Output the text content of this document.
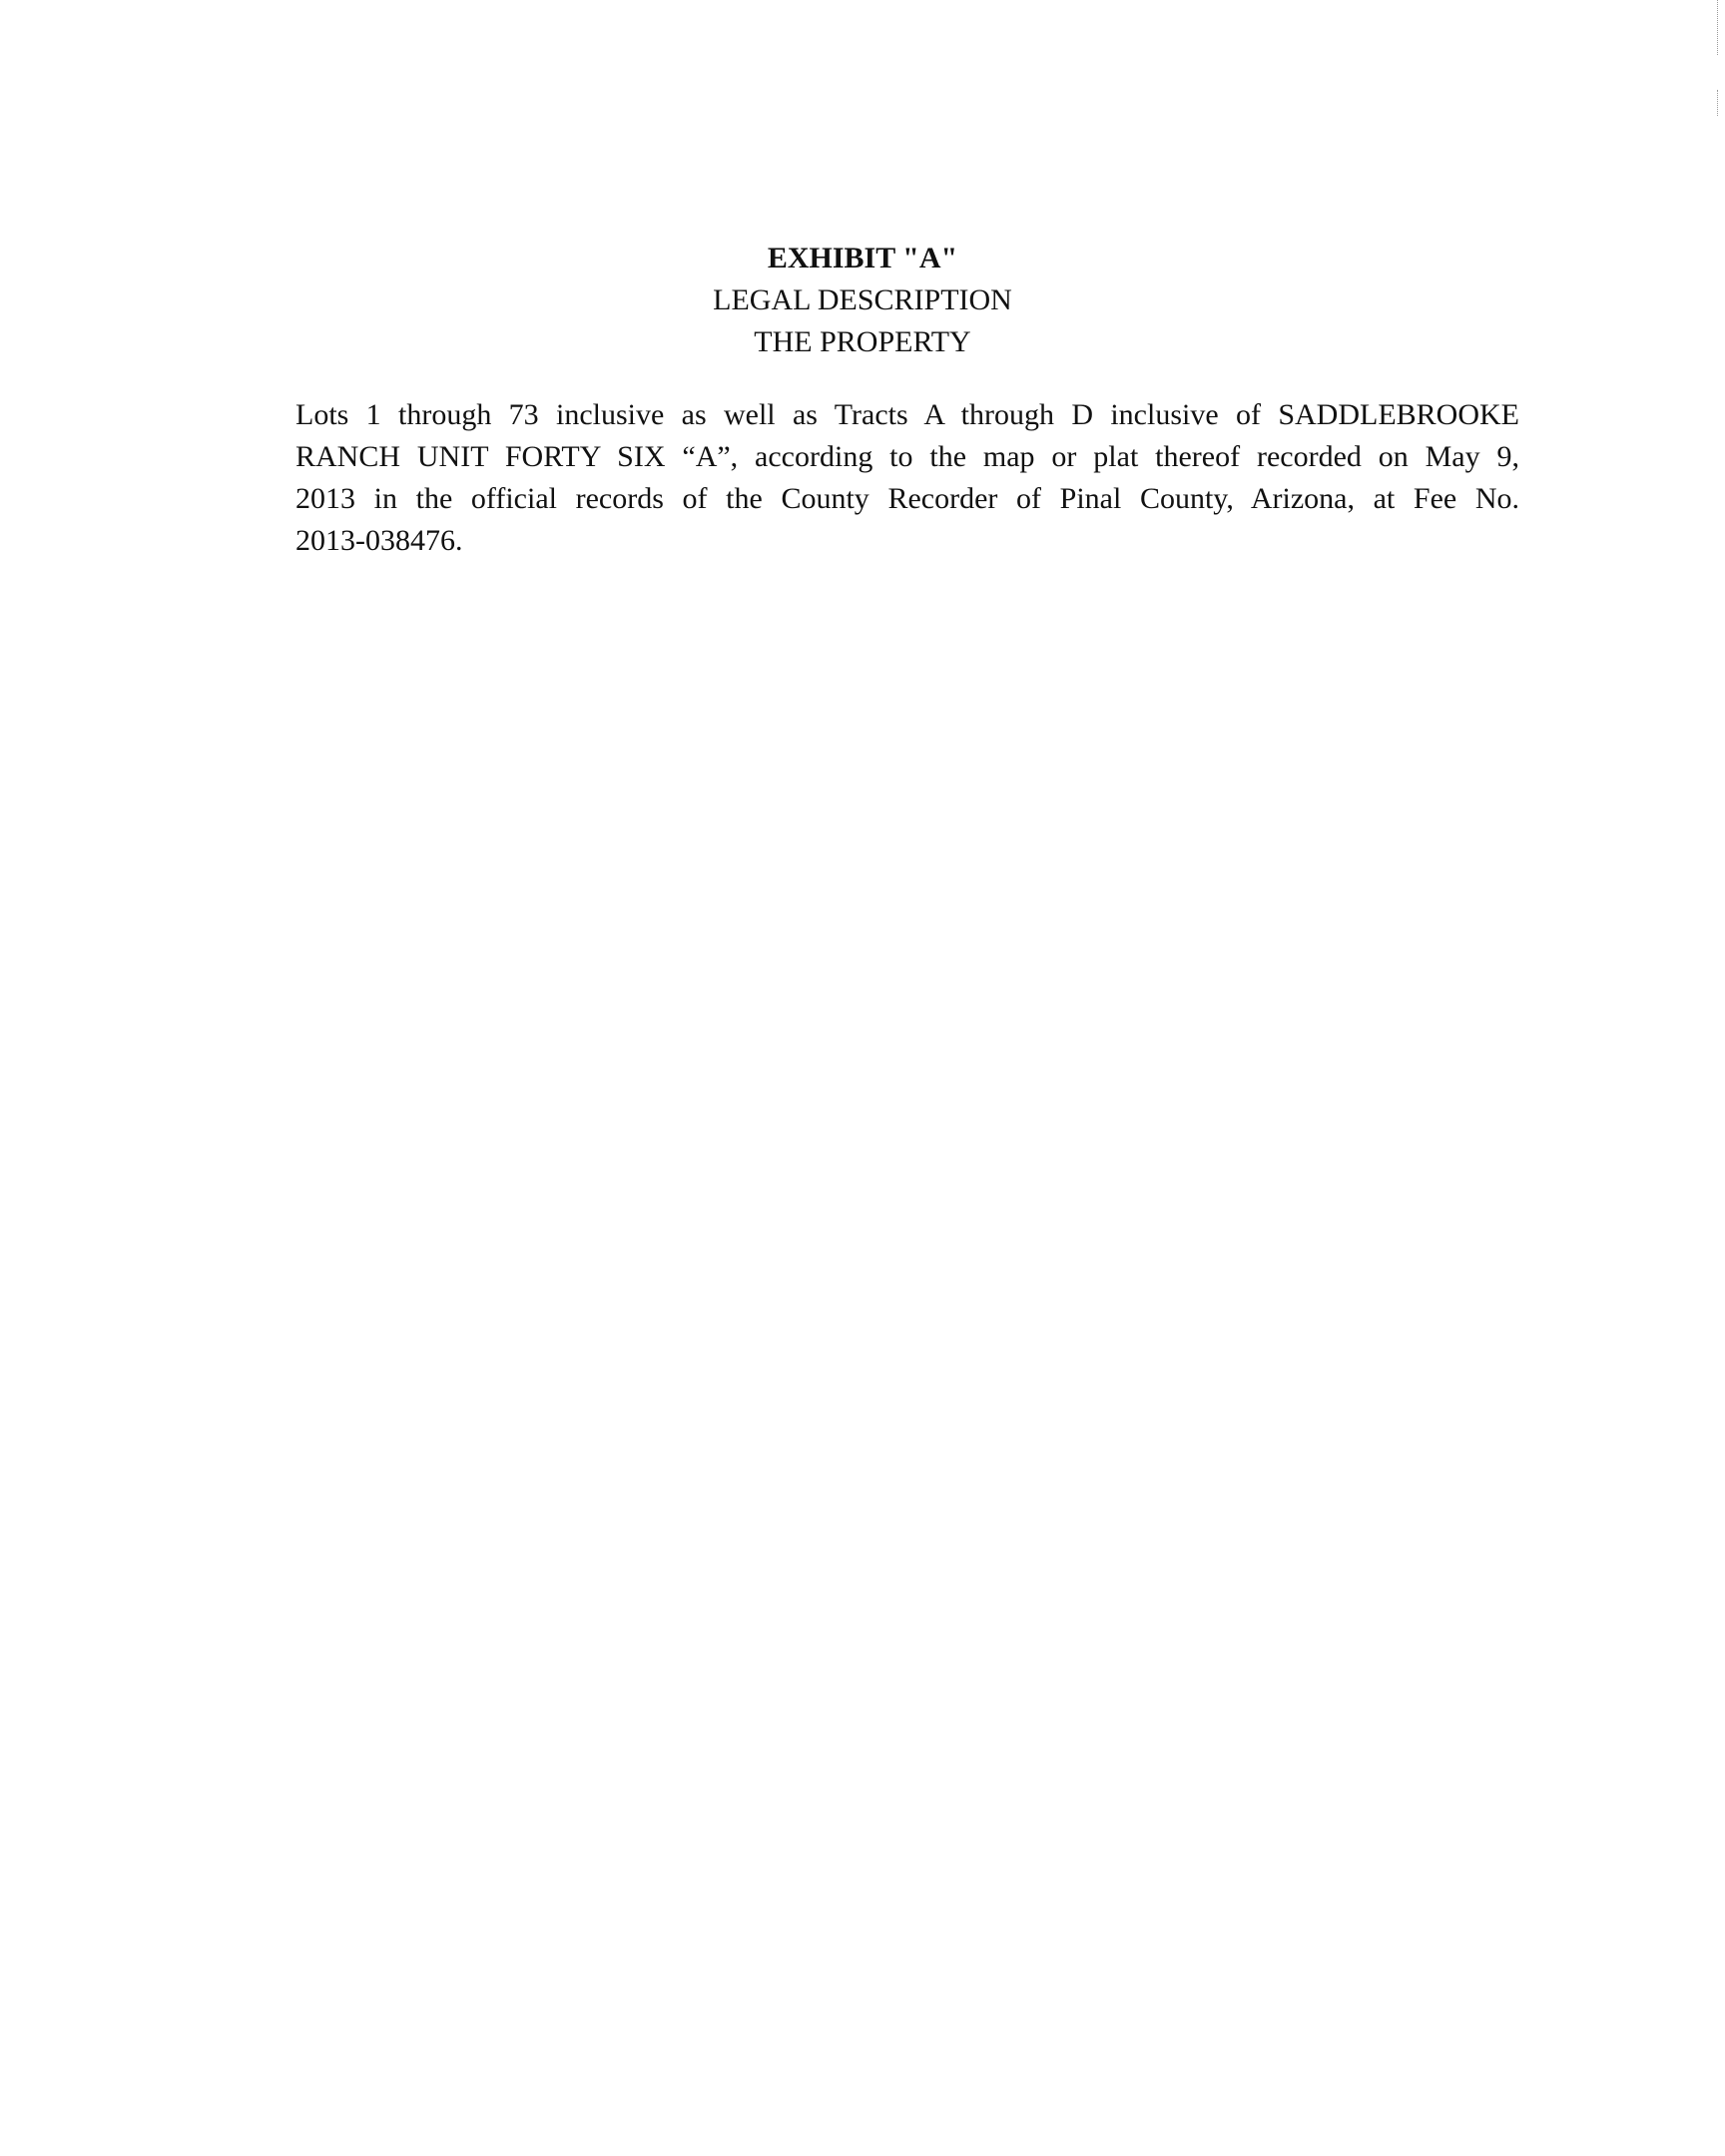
EXHIBIT "A"
LEGAL DESCRIPTION
THE PROPERTY
Lots 1 through 73 inclusive as well as Tracts A through D inclusive of SADDLEBROOKE
RANCH UNIT FORTY SIX “A”, according to the map or plat thereof recorded on May 9,
2013 in the official records of the County Recorder of Pinal County, Arizona, at Fee No.
2013-038476.
